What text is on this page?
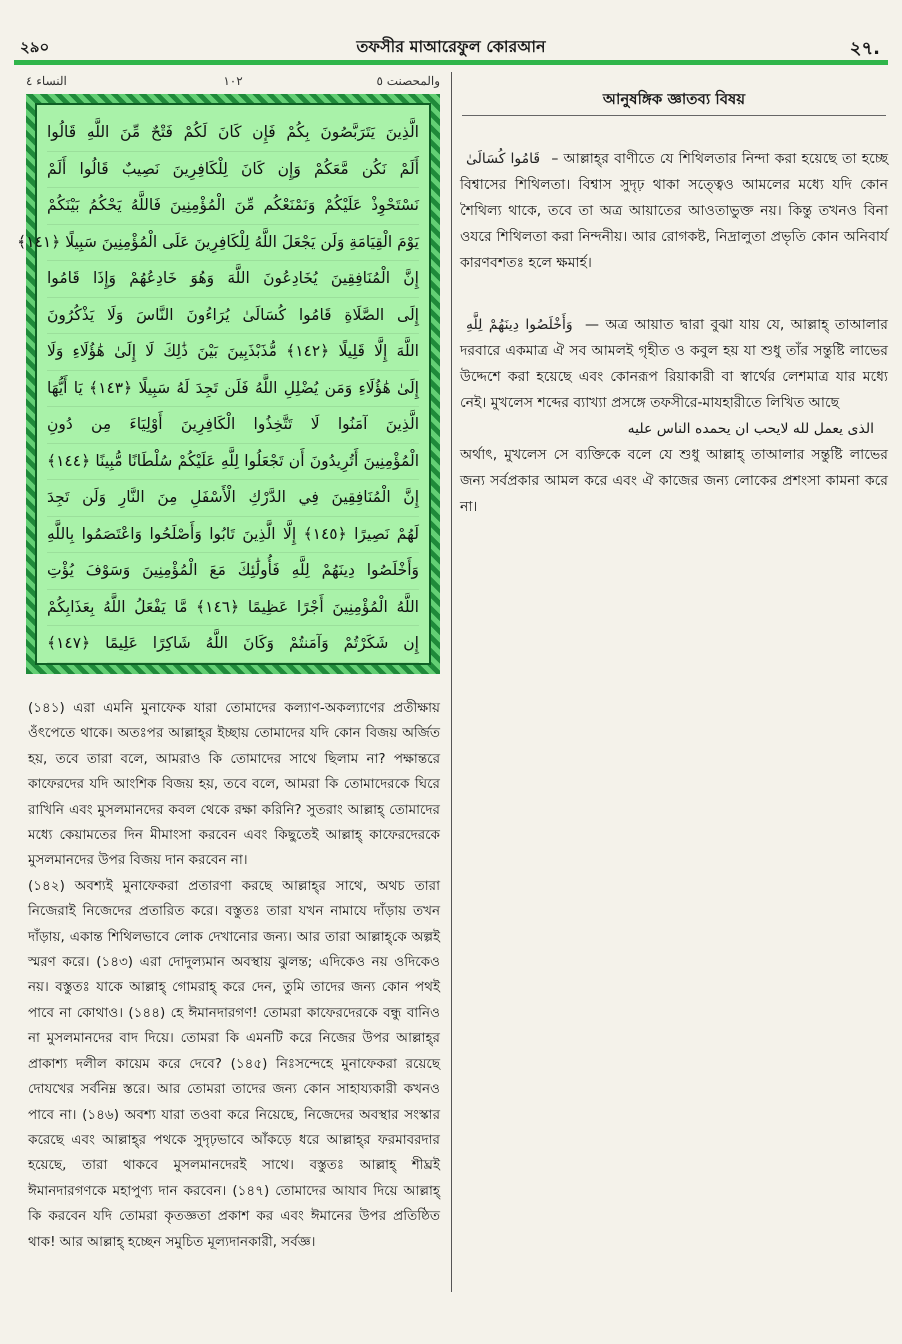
২৯০	তফসীর মাআরেফুল কোরআন	২৭.
النساء ٤	١٠٢	والمحصنت ٥
الَّذِينَ يَتَرَبَّصُونَ بِكُمْ فَإِن كَانَ لَكُمْ فَتْحٌ مِّنَ اللَّهِ قَالُوا
أَلَمْ نَكُن مَّعَكُمْ وَإِن كَانَ لِلْكَافِرِينَ نَصِيبٌ قَالُوا أَلَمْ
نَسْتَحْوِذْ عَلَيْكُمْ وَنَمْنَعْكُم مِّنَ الْمُؤْمِنِينَ فَاللَّهُ يَحْكُمُ بَيْنَكُمْ
يَوْمَ الْقِيَامَةِ وَلَن يَجْعَلَ اللَّهُ لِلْكَافِرِينَ عَلَى الْمُؤْمِنِينَ سَبِيلًا ﴿١٤١﴾
إِنَّ الْمُنَافِقِينَ يُخَادِعُونَ اللَّهَ وَهُوَ خَادِعُهُمْ وَإِذَا قَامُوا
إِلَى الصَّلَاةِ قَامُوا كُسَالَىٰ يُرَاءُونَ النَّاسَ وَلَا يَذْكُرُونَ
اللَّهَ إِلَّا قَلِيلًا ﴿١٤٢﴾ مُّذَبْذَبِينَ بَيْنَ ذَٰلِكَ لَا إِلَىٰ هَٰؤُلَاءِ وَلَا
إِلَىٰ هَٰؤُلَاءِ وَمَن يُضْلِلِ اللَّهُ فَلَن تَجِدَ لَهُ سَبِيلًا ﴿١٤٣﴾ يَا أَيُّهَا
الَّذِينَ آمَنُوا لَا تَتَّخِذُوا الْكَافِرِينَ أَوْلِيَاءَ مِن دُونِ
الْمُؤْمِنِينَ أَتُرِيدُونَ أَن تَجْعَلُوا لِلَّهِ عَلَيْكُمْ سُلْطَانًا مُّبِينًا ﴿١٤٤﴾
إِنَّ الْمُنَافِقِينَ فِي الدَّرْكِ الْأَسْفَلِ مِنَ النَّارِ وَلَن تَجِدَ
لَهُمْ نَصِيرًا ﴿١٤٥﴾ إِلَّا الَّذِينَ تَابُوا وَأَصْلَحُوا وَاعْتَصَمُوا بِاللَّهِ
وَأَخْلَصُوا دِينَهُمْ لِلَّهِ فَأُولَٰئِكَ مَعَ الْمُؤْمِنِينَ وَسَوْفَ يُؤْتِ
اللَّهُ الْمُؤْمِنِينَ أَجْرًا عَظِيمًا ﴿١٤٦﴾ مَّا يَفْعَلُ اللَّهُ بِعَذَابِكُمْ
إِن شَكَرْتُمْ وَآمَنتُمْ وَكَانَ اللَّهُ شَاكِرًا عَلِيمًا ﴿١٤٧﴾

(১৪১) এরা এমনি মুনাফেক যারা তোমাদের কল্যাণ-অকল্যাণের প্রতীক্ষায় ওঁৎপেতে থাকে। অতঃপর আল্লাহ্‌র ইচ্ছায় তোমাদের যদি কোন বিজয় অর্জিত হয়, তবে তারা বলে, আমরাও কি তোমাদের সাথে ছিলাম না? পক্ষান্তরে কাফেরদের যদি আংশিক বিজয় হয়, তবে বলে, আমরা কি তোমাদেরকে ঘিরে রাখিনি এবং মুসলমানদের কবল থেকে রক্ষা করিনি? সুতরাং আল্লাহ্‌ তোমাদের মধ্যে কেয়ামতের দিন মীমাংসা করবেন এবং কিছুতেই আল্লাহ্‌ কাফেরদেরকে মুসলমানদের উপর বিজয় দান করবেন না।

(১৪২) অবশ্যই মুনাফেকরা প্রতারণা করছে আল্লাহ্‌র সাথে, অথচ তারা নিজেরাই নিজেদের প্রতারিত করে। বস্তুতঃ তারা যখন নামাযে দাঁড়ায় তখন দাঁড়ায়, একান্ত শিথিলভাবে লোক দেখানোর জন্য। আর তারা আল্লাহ্‌কে অল্পই স্মরণ করে। (১৪৩) এরা দোদুল্যমান অবস্থায় ঝুলন্ত; এদিকেও নয় ওদিকেও নয়। বস্তুতঃ যাকে আল্লাহ্‌ গোমরাহ্‌ করে দেন, তুমি তাদের জন্য কোন পথই পাবে না কোথাও। (১৪৪) হে ঈমানদারগণ! তোমরা কাফেরদেরকে বন্ধু বানিও না মুসলমানদের বাদ দিয়ে। তোমরা কি এমনটি করে নিজের উপর আল্লাহ্‌র প্রাকাশ্য দলীল কায়েম করে দেবে? (১৪৫) নিঃসন্দেহে মুনাফেকরা রয়েছে দোযখের সর্বনিম্ন স্তরে। আর তোমরা তাদের জন্য কোন সাহায্যকারী কখনও পাবে না। (১৪৬) অবশ্য যারা তওবা করে নিয়েছে, নিজেদের অবস্থার সংস্কার করেছে এবং আল্লাহ্‌র পথকে সুদৃঢ়ভাবে আঁকড়ে ধরে আল্লাহ্‌র ফরমাবরদার হয়েছে, তারা থাকবে মুসলমানদেরই সাথে। বস্তুতঃ আল্লাহ্‌ শীঘ্রই ঈমানদারগণকে মহাপুণ্য দান করবেন। (১৪৭) তোমাদের আযাব দিয়ে আল্লাহ্‌ কি করবেন যদি তোমরা কৃতজ্ঞতা প্রকাশ কর এবং ঈমানের উপর প্রতিষ্ঠিত থাক! আর আল্লাহ্‌ হচ্ছেন সমুচিত মূল্যদানকারী, সর্বজ্ঞ।

আনুষঙ্গিক জ্ঞাতব্য বিষয়
قَامُوا كُسَالَىٰ – আল্লাহ্‌র বাণীতে যে শিথিলতার নিন্দা করা হয়েছে তা হচ্ছে বিশ্বাসের শিথিলতা। বিশ্বাস সুদৃঢ় থাকা সত্ত্বেও আমলের মধ্যে যদি কোন শৈথিল্য থাকে, তবে তা অত্র আয়াতের আওতাভুক্ত নয়। কিন্তু তখনও বিনা ওযরে শিথিলতা করা নিন্দনীয়। আর রোগকষ্ট, নিদ্রালুতা প্রভৃতি কোন অনিবার্য কারণবশতঃ হলে ক্ষমার্হ।
وَأَخْلَصُوا دِينَهُمْ لِلَّهِ — অত্র আয়াত দ্বারা বুঝা যায় যে, আল্লাহ্‌ তাআলার দরবারে একমাত্র ঐ সব আমলই গৃহীত ও কবুল হয় যা শুধু তাঁর সন্তুষ্টি লাভের উদ্দেশে করা হয়েছে এবং কোনরূপ রিয়াকারী বা স্বার্থের লেশমাত্র যার মধ্যে নেই। মুখলেস শব্দের ব্যাখ্যা প্রসঙ্গে তফসীরে-মাযহারীতে লিখিত আছে
الذى يعمل لله لايحب ان يحمده الناس عليه
অর্থাৎ, মুখলেস সে ব্যক্তিকে বলে যে শুধু আল্লাহ্‌ তাআলার সন্তুষ্টি লাভের জন্য সর্বপ্রকার আমল করে এবং ঐ কাজের জন্য লোকের প্রশংসা কামনা করে না।
